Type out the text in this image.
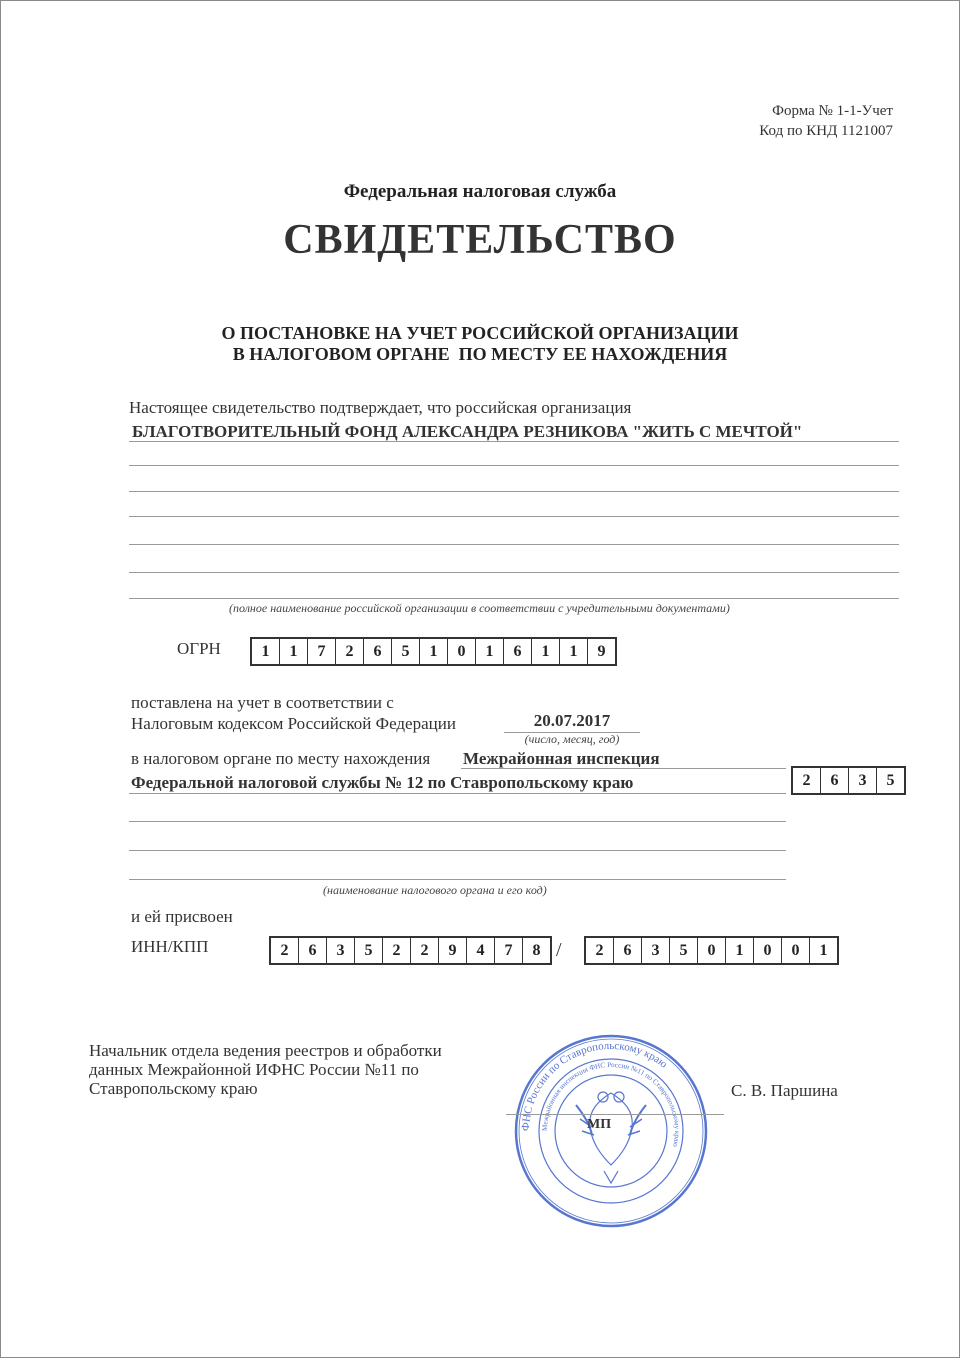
Форма № 1-1-Учет
Код по КНД 1121007
Федеральная налоговая служба
СВИДЕТЕЛЬСТВО
О ПОСТАНОВКЕ НА УЧЕТ РОССИЙСКОЙ ОРГАНИЗАЦИИ
В НАЛОГОВОМ ОРГАНЕ  ПО МЕСТУ ЕЕ НАХОЖДЕНИЯ
Настоящее свидетельство подтверждает, что российская организация
БЛАГОТВОРИТЕЛЬНЫЙ ФОНД АЛЕКСАНДРА РЕЗНИКОВА "ЖИТЬ С МЕЧТОЙ"
(полное наименование российской организации в соответствии с учредительными документами)
ОГРН	1	1	7	2	6	5	1	0	1	6	1	1	9
поставлена на учет в соответствии с
Налоговым кодексом Российской Федерации	20.07.2017
(число, месяц, год)
в налоговом органе по месту нахождения Межрайонная инспекция
Федеральной налоговой службы № 12 по Ставропольскому краю	2	6	3	5
(наименование налогового органа и его код)
и ей присвоен
ИНН/КПП	2	6	3	5	2	2	9	4	7	8 /	2	6	3	5	0	1	0	0	1
Начальник отдела ведения реестров и обработки
данных Межрайонной ИФНС России №11 по
Ставропольскому краю
ФНС России по Ставропольскому краю
Межрайонная инспекция ФНС России №11 по Ставропольскому краю
МП
С. В. Паршина
